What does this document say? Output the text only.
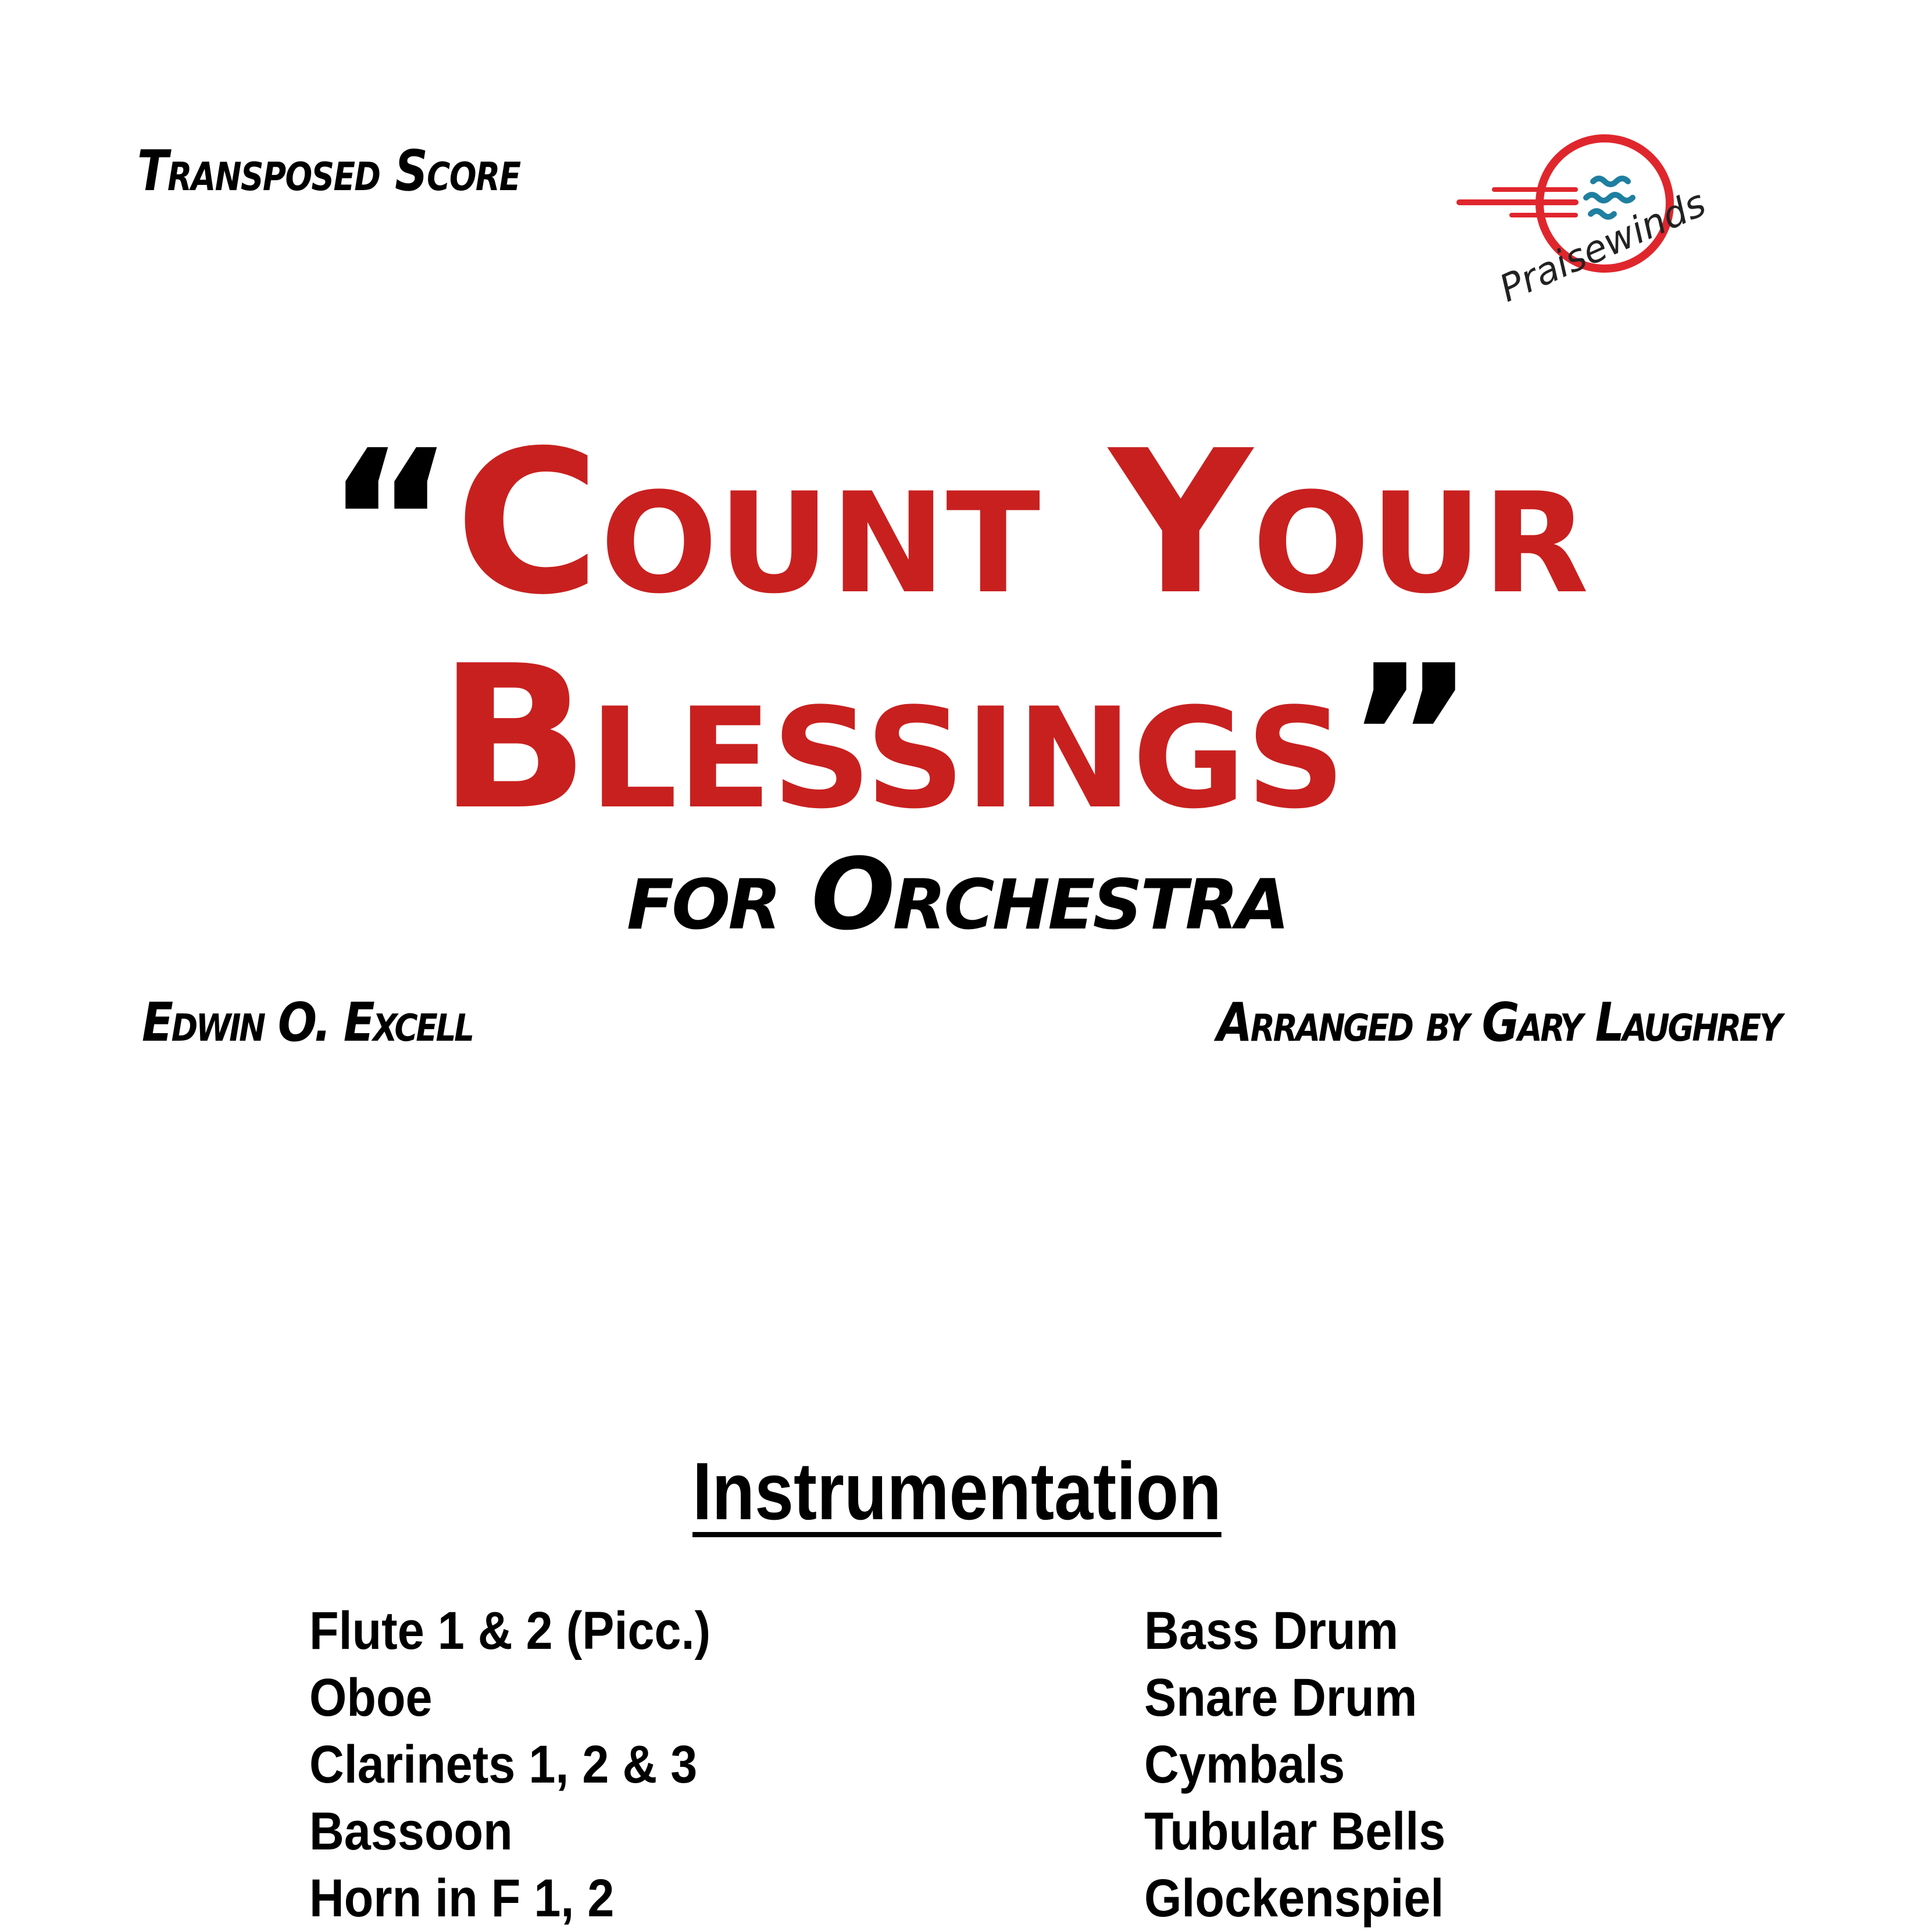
Transposed Score
Praisewinds
“Count Your
Blessings”
for Orchestra
Edwin O. Excell	Arranged by Gary Laughrey
Instrumentation
Flute 1 & 2 (Picc.)
Oboe
Clarinets 1, 2 & 3
Bassoon
Horn in F 1, 2
Bass Drum
Snare Drum
Cymbals
Tubular Bells
Glockenspiel
